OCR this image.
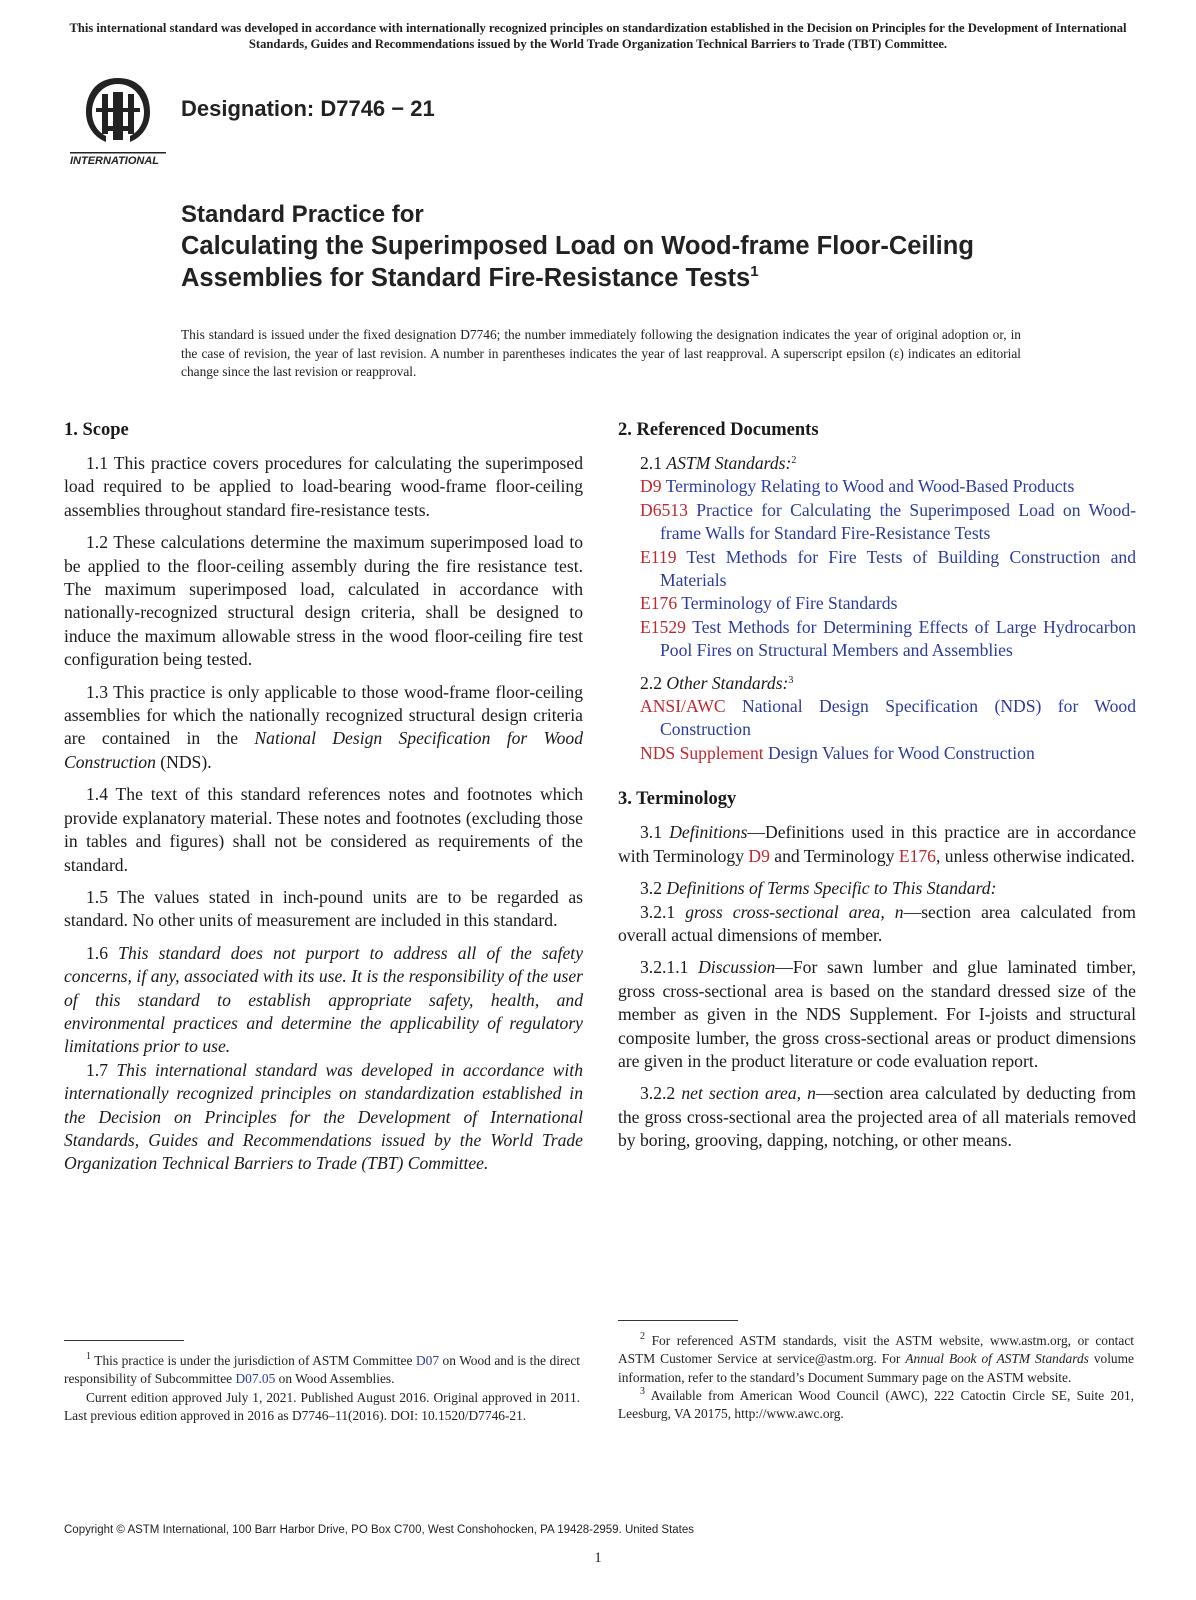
This international standard was developed in accordance with internationally recognized principles on standardization established in the Decision on Principles for the Development of International Standards, Guides and Recommendations issued by the World Trade Organization Technical Barriers to Trade (TBT) Committee.
INTERNATIONAL
Designation: D7746 − 21
Standard Practice for
Calculating the Superimposed Load on Wood-frame Floor-Ceiling Assemblies for Standard Fire-Resistance Tests$^1$
This standard is issued under the fixed designation D7746; the number immediately following the designation indicates the year of original adoption or, in the case of revision, the year of last revision. A number in parentheses indicates the year of last reapproval. A superscript epsilon (ε) indicates an editorial change since the last revision or reapproval.
1. Scope

1.1 This practice covers procedures for calculating the superimposed load required to be applied to load-bearing wood-frame floor-ceiling assemblies throughout standard fire-resistance tests.

1.2 These calculations determine the maximum superimposed load to be applied to the floor-ceiling assembly during the fire resistance test. The maximum superimposed load, calculated in accordance with nationally-recognized structural design criteria, shall be designed to induce the maximum allowable stress in the wood floor-ceiling fire test configuration being tested.

1.3 This practice is only applicable to those wood-frame floor-ceiling assemblies for which the nationally recognized structural design criteria are contained in the National Design Specification for Wood Construction (NDS).

1.4 The text of this standard references notes and footnotes which provide explanatory material. These notes and footnotes (excluding those in tables and figures) shall not be considered as requirements of the standard.

1.5 The values stated in inch-pound units are to be regarded as standard. No other units of measurement are included in this standard.

1.6 This standard does not purport to address all of the safety concerns, if any, associated with its use. It is the responsibility of the user of this standard to establish appropriate safety, health, and environmental practices and determine the applicability of regulatory limitations prior to use.

1.7 This international standard was developed in accordance with internationally recognized principles on standardization established in the Decision on Principles for the Development of International Standards, Guides and Recommendations issued by the World Trade Organization Technical Barriers to Trade (TBT) Committee.

2. Referenced Documents

2.1 ASTM Standards:$^2$

D9 Terminology Relating to Wood and Wood-Based Products
D6513 Practice for Calculating the Superimposed Load on Wood-frame Walls for Standard Fire-Resistance Tests
E119 Test Methods for Fire Tests of Building Construction and Materials
E176 Terminology of Fire Standards
E1529 Test Methods for Determining Effects of Large Hydrocarbon Pool Fires on Structural Members and Assemblies

2.2 Other Standards:$^3$

ANSI/AWC National Design Specification (NDS) for Wood Construction
NDS Supplement Design Values for Wood Construction
3. Terminology

3.1 Definitions—Definitions used in this practice are in accordance with Terminology D9 and Terminology E176, unless otherwise indicated.

3.2 Definitions of Terms Specific to This Standard:

3.2.1 gross cross-sectional area, n—section area calculated from overall actual dimensions of member.

3.2.1.1 Discussion—For sawn lumber and glue laminated timber, gross cross-sectional area is based on the standard dressed size of the member as given in the NDS Supplement. For I-joists and structural composite lumber, the gross cross-sectional areas or product dimensions are given in the product literature or code evaluation report.

3.2.2 net section area, n—section area calculated by deducting from the gross cross-sectional area the projected area of all materials removed by boring, grooving, dapping, notching, or other means.

$^1$ This practice is under the jurisdiction of ASTM Committee D07 on Wood and is the direct responsibility of Subcommittee D07.05 on Wood Assemblies.

Current edition approved July 1, 2021. Published August 2016. Original approved in 2011. Last previous edition approved in 2016 as D7746–11(2016). DOI: 10.1520/D7746-21.

$^2$ For referenced ASTM standards, visit the ASTM website, www.astm.org, or contact ASTM Customer Service at service@astm.org. For Annual Book of ASTM Standards volume information, refer to the standard’s Document Summary page on the ASTM website.

$^3$ Available from American Wood Council (AWC), 222 Catoctin Circle SE, Suite 201, Leesburg, VA 20175, http://www.awc.org.

Copyright © ASTM International, 100 Barr Harbor Drive, PO Box C700, West Conshohocken, PA 19428-2959. United States
1
